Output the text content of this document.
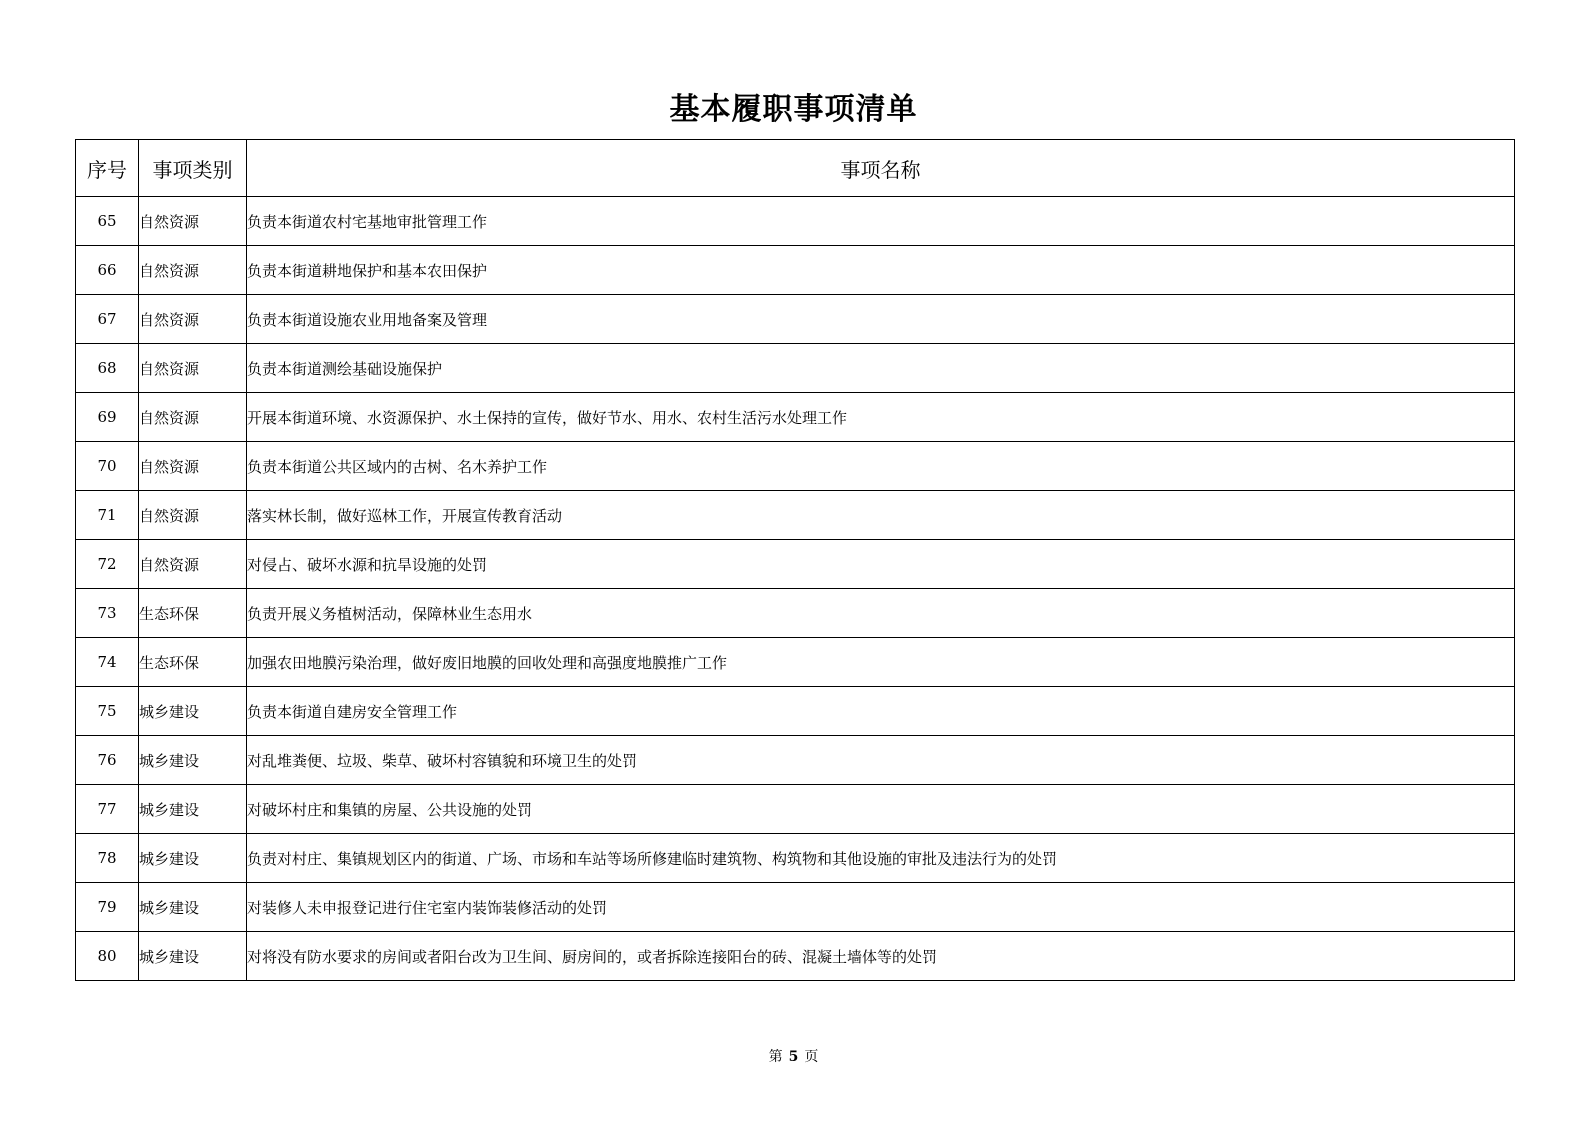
基本履职事项清单
序号	事项类别	事项名称
65	自然资源	负责本街道农村宅基地审批管理工作
66	自然资源	负责本街道耕地保护和基本农田保护
67	自然资源	负责本街道设施农业用地备案及管理
68	自然资源	负责本街道测绘基础设施保护
69	自然资源	开展本街道环境、水资源保护、水土保持的宣传，做好节水、用水、农村生活污水处理工作
70	自然资源	负责本街道公共区域内的古树、名木养护工作
71	自然资源	落实林长制，做好巡林工作，开展宣传教育活动
72	自然资源	对侵占、破坏水源和抗旱设施的处罚
73	生态环保	负责开展义务植树活动，保障林业生态用水
74	生态环保	加强农田地膜污染治理，做好废旧地膜的回收处理和高强度地膜推广工作
75	城乡建设	负责本街道自建房安全管理工作
76	城乡建设	对乱堆粪便、垃圾、柴草、破坏村容镇貌和环境卫生的处罚
77	城乡建设	对破坏村庄和集镇的房屋、公共设施的处罚
78	城乡建设	负责对村庄、集镇规划区内的街道、广场、市场和车站等场所修建临时建筑物、构筑物和其他设施的审批及违法行为的处罚
79	城乡建设	对装修人未申报登记进行住宅室内装饰装修活动的处罚
80	城乡建设	对将没有防水要求的房间或者阳台改为卫生间、厨房间的，或者拆除连接阳台的砖、混凝土墙体等的处罚
第 5 页
